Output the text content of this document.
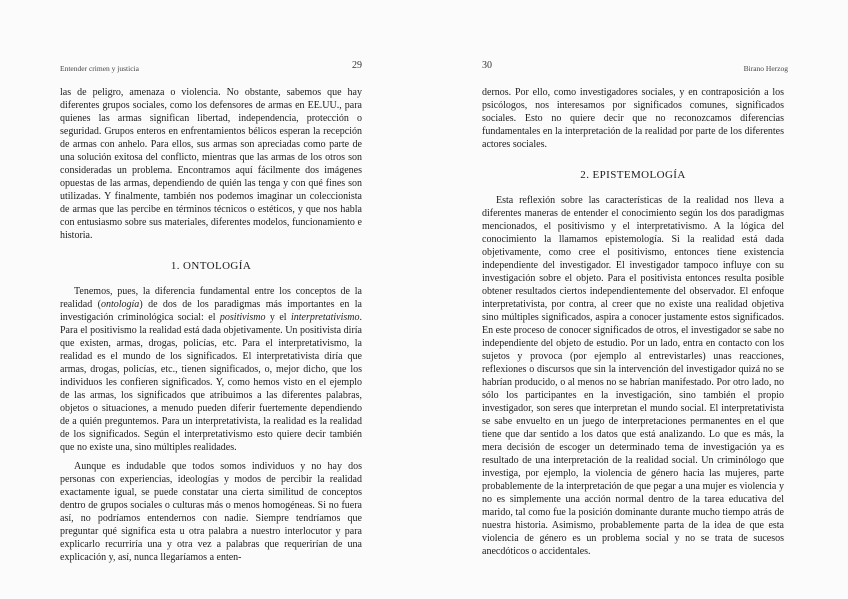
Entender crimen y justicia	29

las de peligro, amenaza o violencia. No obstante, sabemos que hay diferentes grupos sociales, como los defensores de armas en EE.UU., para quienes las armas significan libertad, independencia, protección o seguridad. Grupos enteros en enfrentamientos bélicos esperan la recepción de armas con anhelo. Para ellos, sus armas son apreciadas como parte de una solución exitosa del conflicto, mientras que las armas de los otros son consideradas un problema. Encontramos aquí fácilmente dos imágenes opuestas de las armas, dependiendo de quién las tenga y con qué fines son utilizadas. Y finalmente, también nos podemos imaginar un coleccionista de armas que las percibe en términos técnicos o estéticos, y que nos habla con entusiasmo sobre sus materiales, diferentes modelos, funcionamiento e historia.

1. ONTOLOGÍA

Tenemos, pues, la diferencia fundamental entre los conceptos de la realidad (ontología) de dos de los paradigmas más importantes en la investigación criminológica social: el positivismo y el interpretativismo. Para el positivismo la realidad está dada objetivamente. Un positivista diría que existen, armas, drogas, policías, etc. Para el interpretativismo, la realidad es el mundo de los significados. El interpretativista diría que armas, drogas, policías, etc., tienen significados, o, mejor dicho, que los individuos les confieren significados. Y, como hemos visto en el ejemplo de las armas, los significados que atribuimos a las diferentes palabras, objetos o situaciones, a menudo pueden diferir fuertemente dependiendo de a quién preguntemos. Para un interpretativista, la realidad es la realidad de los significados. Según el interpretativismo esto quiere decir también que no existe una, sino múltiples realidades.

Aunque es indudable que todos somos individuos y no hay dos personas con experiencias, ideologías y modos de percibir la realidad exactamente igual, se puede constatar una cierta similitud de conceptos dentro de grupos sociales o culturas más o menos homogéneas. Si no fuera así, no podríamos entendernos con nadie. Siempre tendríamos que preguntar qué significa esta u otra palabra a nuestro interlocutor y para explicarlo recurriría una y otra vez a palabras que requerirían de una explicación y, así, nunca llegaríamos a enten-

30	Birano Herzog

dernos. Por ello, como investigadores sociales, y en contraposición a los psicólogos, nos interesamos por significados comunes, significados sociales. Esto no quiere decir que no reconozcamos diferencias fundamentales en la interpretación de la realidad por parte de los diferentes actores sociales.

2. EPISTEMOLOGÍA

Esta reflexión sobre las características de la realidad nos lleva a diferentes maneras de entender el conocimiento según los dos paradigmas mencionados, el positivismo y el interpretativismo. A la lógica del conocimiento la llamamos epistemología. Si la realidad está dada objetivamente, como cree el positivismo, entonces tiene existencia independiente del investigador. El investigador tampoco influye con su investigación sobre el objeto. Para el positivista entonces resulta posible obtener resultados ciertos independientemente del observador. El enfoque interpretativista, por contra, al creer que no existe una realidad objetiva sino múltiples significados, aspira a conocer justamente estos significados. En este proceso de conocer significados de otros, el investigador se sabe no independiente del objeto de estudio. Por un lado, entra en contacto con los sujetos y provoca (por ejemplo al entrevistarles) unas reacciones, reflexiones o discursos que sin la intervención del investigador quizá no se habrían producido, o al menos no se habrían manifestado. Por otro lado, no sólo los participantes en la investigación, sino también el propio investigador, son seres que interpretan el mundo social. El interpretativista se sabe envuelto en un juego de interpretaciones permanentes en el que tiene que dar sentido a los datos que está analizando. Lo que es más, la mera decisión de escoger un determinado tema de investigación ya es resultado de una interpretación de la realidad social. Un criminólogo que investiga, por ejemplo, la violencia de género hacia las mujeres, parte probablemente de la interpretación de que pegar a una mujer es violencia y no es simplemente una acción normal dentro de la tarea educativa del marido, tal como fue la posición dominante durante mucho tiempo atrás de nuestra historia. Asimismo, probablemente parta de la idea de que esta violencia de género es un problema social y no se trata de sucesos anecdóticos o accidentales.
